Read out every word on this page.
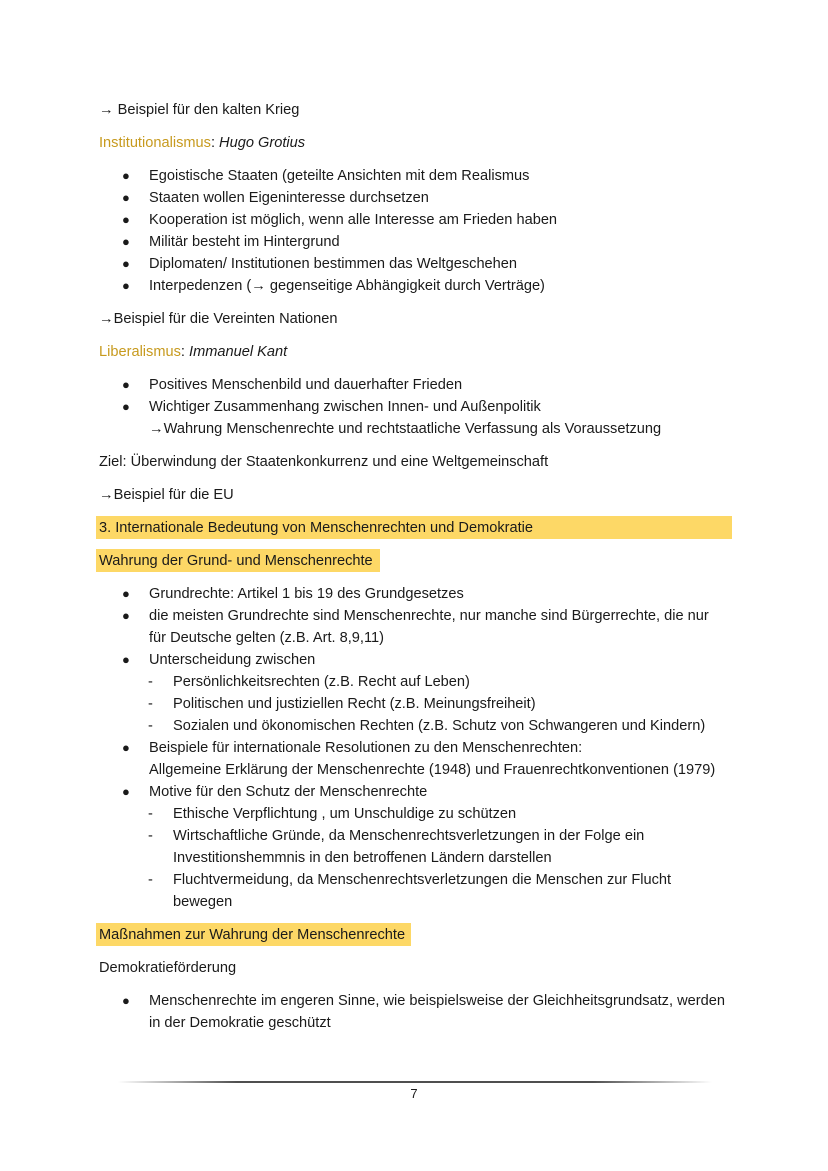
→ Beispiel für den kalten Krieg
Institutionalismus: Hugo Grotius
● Egoistische Staaten (geteilte Ansichten mit dem Realismus
● Staaten wollen Eigeninteresse durchsetzen
● Kooperation ist möglich, wenn alle Interesse am Frieden haben
● Militär besteht im Hintergrund
● Diplomaten/ Institutionen bestimmen das Weltgeschehen
● Interpedenzen (→ gegenseitige Abhängigkeit durch Verträge)
→Beispiel für die Vereinten Nationen
Liberalismus: Immanuel Kant
● Positives Menschenbild und dauerhafter Frieden
● Wichtiger Zusammenhang zwischen Innen- und Außenpolitik
→Wahrung Menschenrechte und rechtstaatliche Verfassung als Voraussetzung
Ziel: Überwindung der Staatenkonkurrenz und eine Weltgemeinschaft
→Beispiel für die EU
3. Internationale Bedeutung von Menschenrechten und Demokratie
Wahrung der Grund- und Menschenrechte
● Grundrechte: Artikel 1 bis 19 des Grundgesetzes
● die meisten Grundrechte sind Menschenrechte, nur manche sind Bürgerrechte, die nur
für Deutsche gelten (z.B. Art. 8,9,11)
● Unterscheidung zwischen
- Persönlichkeitsrechten (z.B. Recht auf Leben)
- Politischen und justiziellen Recht (z.B. Meinungsfreiheit)
- Sozialen und ökonomischen Rechten (z.B. Schutz von Schwangeren und Kindern)
● Beispiele für internationale Resolutionen zu den Menschenrechten:
Allgemeine Erklärung der Menschenrechte (1948) und Frauenrechtkonventionen (1979)
● Motive für den Schutz der Menschenrechte
- Ethische Verpflichtung , um Unschuldige zu schützen
- Wirtschaftliche Gründe, da Menschenrechtsverletzungen in der Folge ein
Investitionshemmnis in den betroffenen Ländern darstellen
- Fluchtvermeidung, da Menschenrechtsverletzungen die Menschen zur Flucht
bewegen
Maßnahmen zur Wahrung der Menschenrechte
Demokratieförderung
● Menschenrechte im engeren Sinne, wie beispielsweise der Gleichheitsgrundsatz, werden
in der Demokratie geschützt
7
